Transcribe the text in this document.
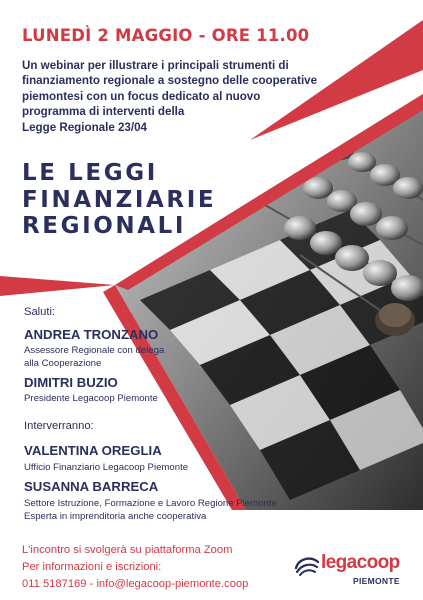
LUNEDÌ 2 MAGGIO - ORE 11.00
Un webinar per illustrare i principali strumenti di
finanziamento regionale a sostegno delle cooperative
piemontesi con un focus dedicato al nuovo
programma di interventi della
Legge Regionale 23/04
LE LEGGI
FINANZIARIE
REGIONALI
Saluti:
ANDREA TRONZANO
Assessore Regionale con delega
alla Cooperazione
DIMITRI BUZIO
Presidente Legacoop Piemonte
Interverranno:
VALENTINA OREGLIA
Ufficio Finanziario Legacoop Piemonte
SUSANNA BARRECA
Settore Istruzione, Formazione e Lavoro Regione Piemonte
Esperta in imprenditoria anche cooperativa
L'incontro si svolgerà su piattaforma Zoom
Per informazioni e iscrizioni:
011 5187169 - info@legacoop-piemonte.coop
legacoop
PIEMONTE
